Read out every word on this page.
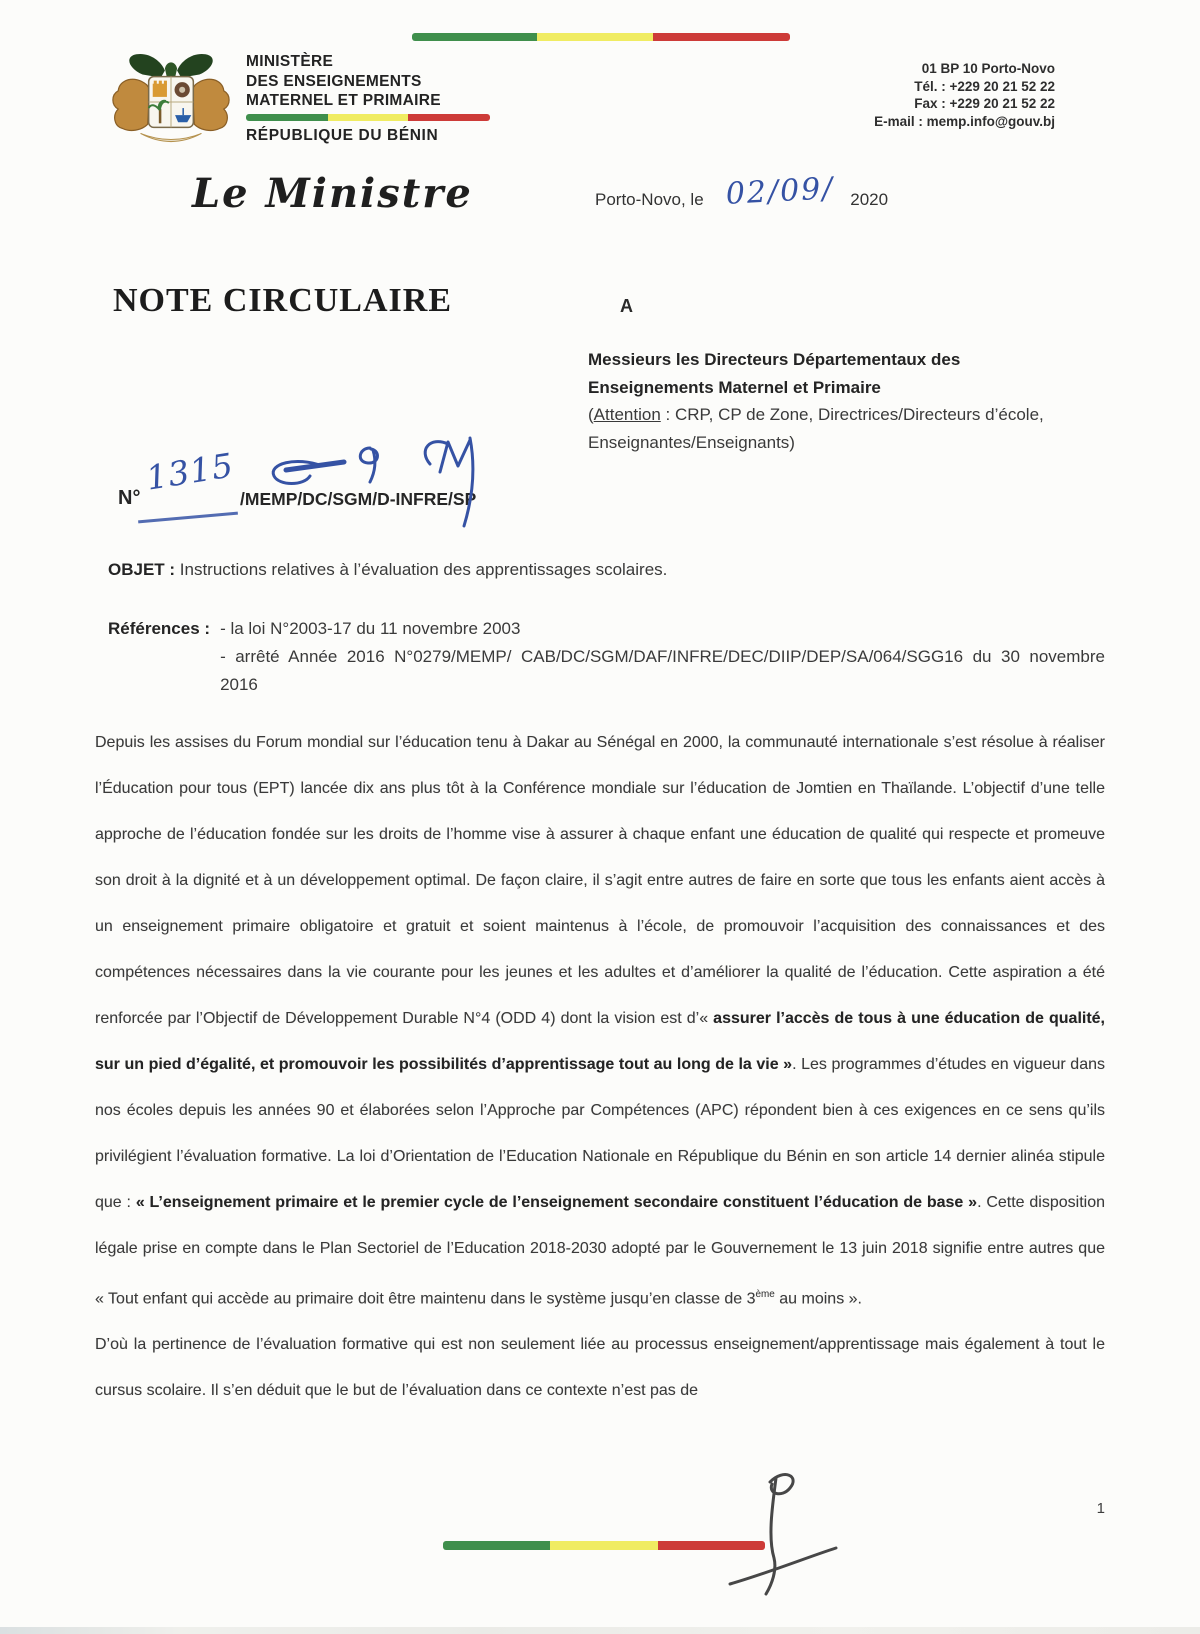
MINISTÈRE
DES ENSEIGNEMENTS
MATERNEL ET PRIMAIRE
RÉPUBLIQUE DU BÉNIN
01 BP 10 Porto-Novo
Tél. : +229 20 21 52 22
Fax : +229 20 21 52 22
E-mail : memp.info@gouv.bj
Le Ministre	Porto-Novo, le 02/09/ 2020
NOTE CIRCULAIRE	A
Messieurs les Directeurs Départementaux des
Enseignements Maternel et Primaire
(Attention : CRP, CP de Zone, Directrices/Directeurs d’école, Enseignantes/Enseignants)
N°
1315
/MEMP/DC/SGM/D-INFRE/SP
OBJET : Instructions relatives à l’évaluation des apprentissages scolaires.
Références : - la loi N°2003-17 du 11 novembre 2003
- arrêté Année 2016 N°0279/MEMP/ CAB/DC/SGM/DAF/INFRE/DEC/DIIP/DEP/SA/064/SGG16 du 30 novembre 2016

Depuis les assises du Forum mondial sur l’éducation tenu à Dakar au Sénégal en 2000, la communauté internationale s’est résolue à réaliser l’Éducation pour tous (EPT) lancée dix ans plus tôt à la Conférence mondiale sur l’éducation de Jomtien en Thaïlande. L’objectif d’une telle approche de l’éducation fondée sur les droits de l’homme vise à assurer à chaque enfant une éducation de qualité qui respecte et promeuve son droit à la dignité et à un développement optimal. De façon claire, il s’agit entre autres de faire en sorte que tous les enfants aient accès à un enseignement primaire obligatoire et gratuit et soient maintenus à l’école, de promouvoir l’acquisition des connaissances et des compétences nécessaires dans la vie courante pour les jeunes et les adultes et d’améliorer la qualité de l’éducation. Cette aspiration a été renforcée par l’Objectif de Développement Durable N°4 (ODD 4) dont la vision est d’« assurer l’accès de tous à une éducation de qualité, sur un pied d’égalité, et promouvoir les possibilités d’apprentissage tout au long de la vie ». Les programmes d’études en vigueur dans nos écoles depuis les années 90 et élaborées selon l’Approche par Compétences (APC) répondent bien à ces exigences en ce sens qu’ils privilégient l’évaluation formative. La loi d’Orientation de l’Education Nationale en République du Bénin en son article 14 dernier alinéa stipule que : « L’enseignement primaire et le premier cycle de l’enseignement secondaire constituent l’éducation de base ». Cette disposition légale prise en compte dans le Plan Sectoriel de l’Education 2018-2030 adopté par le Gouvernement le 13 juin 2018 signifie entre autres que « Tout enfant qui accède au primaire doit être maintenu dans le système jusqu’en classe de 3ème au moins ».

D’où la pertinence de l’évaluation formative qui est non seulement liée au processus enseignement/apprentissage mais également à tout le cursus scolaire. Il s’en déduit que le but de l’évaluation dans ce contexte n’est pas de

1
